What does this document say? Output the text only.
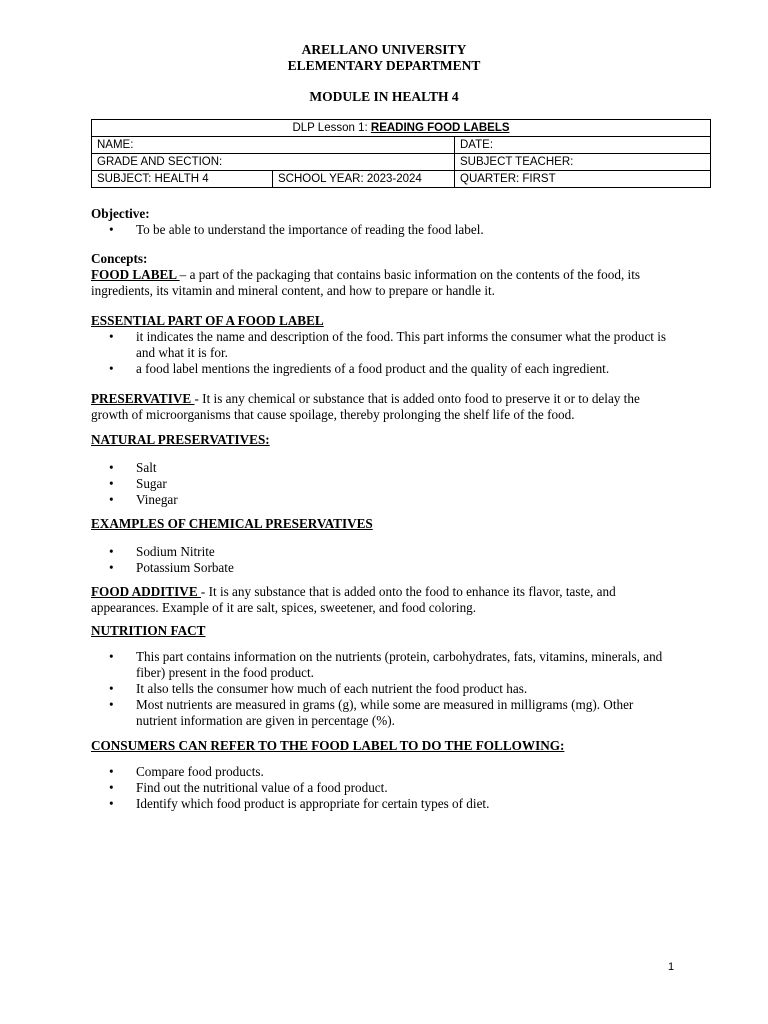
ARELLANO UNIVERSITY
ELEMENTARY DEPARTMENT
MODULE IN HEALTH 4
DLP Lesson 1: READING FOOD LABELS		
NAME:		DATE:
GRADE AND SECTION:		SUBJECT TEACHER:
SUBJECT: HEALTH 4	SCHOOL YEAR: 2023-2024	QUARTER: FIRST

Objective:

• To be able to understand the importance of reading the food label.

Concepts:

FOOD LABEL – a part of the packaging that contains basic information on the contents of the food, its ingredients, its vitamin and mineral content, and how to prepare or handle it.

ESSENTIAL PART OF A FOOD LABEL

• it indicates the name and description of the food. This part informs the consumer what the product is and what it is for.
• a food label mentions the ingredients of a food product and the quality of each ingredient.

PRESERVATIVE - It is any chemical or substance that is added onto food to preserve it or to delay the growth of microorganisms that cause spoilage, thereby prolonging the shelf life of the food.

NATURAL PRESERVATIVES:

• Salt
• Sugar
• Vinegar

EXAMPLES OF CHEMICAL PRESERVATIVES

• Sodium Nitrite
• Potassium Sorbate

FOOD ADDITIVE - It is any substance that is added onto the food to enhance its flavor, taste, and appearances. Example of it are salt, spices, sweetener, and food coloring.

NUTRITION FACT

• This part contains information on the nutrients (protein, carbohydrates, fats, vitamins, minerals, and fiber) present in the food product.
• It also tells the consumer how much of each nutrient the food product has.
• Most nutrients are measured in grams (g), while some are measured in milligrams (mg). Other nutrient information are given in percentage (%).

CONSUMERS CAN REFER TO THE FOOD LABEL TO DO THE FOLLOWING:

• Compare food products.
• Find out the nutritional value of a food product.
• Identify which food product is appropriate for certain types of diet.
1
